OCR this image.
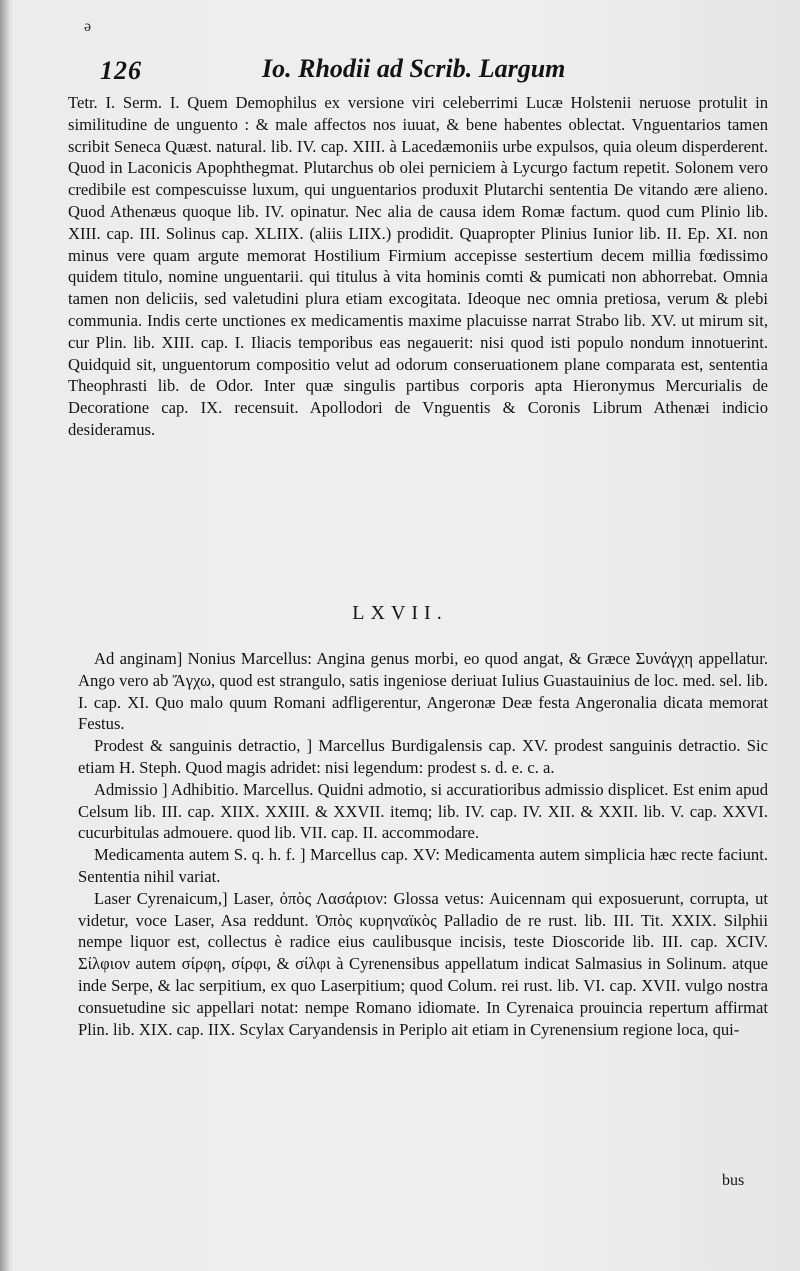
ǝ
126	Io. Rhodii ad Scrib. Largum

Tetr. I. Serm. I. Quem Demophilus ex versione viri celeberrimi Lucæ Holstenii neruose protulit in similitudine de unguento : & male affectos nos iuuat, & bene habentes oblectat. Vnguentarios tamen scribit Seneca Quæst. natural. lib. IV. cap. XIII. à Lacedæmoniis urbe expulsos, quia oleum disperderent. Quod in Laconicis Apophthegmat. Plutarchus ob olei perniciem à Lycurgo factum repetit. Solonem vero credibile est compescuisse luxum, qui unguentarios produxit Plutarchi sententia De vitando ære alieno. Quod Athenæus quoque lib. IV. opinatur. Nec alia de causa idem Romæ factum. quod cum Plinio lib. XIII. cap. III. Solinus cap. XLIIX. (aliis LIIX.) prodidit. Quapropter Plinius Iunior lib. II. Ep. XI. non minus vere quam argute memorat Hostilium Firmium accepisse sestertium decem millia fœdissimo quidem titulo, nomine unguentarii. qui titulus à vita hominis comti & pumicati non abhorrebat. Omnia tamen non deliciis, sed valetudini plura etiam excogitata. Ideoque nec omnia pretiosa, verum & plebi communia. Indis certe unctiones ex medicamentis maxime placuisse narrat Strabo lib. XV. ut mirum sit, cur Plin. lib. XIII. cap. I. Iliacis temporibus eas negauerit: nisi quod isti populo nondum innotuerint. Quidquid sit, unguentorum compositio velut ad odorum conseruationem plane comparata est, sententia Theophrasti lib. de Odor. Inter quæ singulis partibus corporis apta Hieronymus Mercurialis de Decoratione cap. IX. recensuit. Apollodori de Vnguentis & Coronis Librum Athenæi indicio desideramus.

LXVII.

Ad anginam] Nonius Marcellus: Angina genus morbi, eo quod angat, & Græce Συνάγχη appellatur. Ango vero ab Ἄγχω, quod est strangulo, satis ingeniose deriuat Iulius Guastauinius de loc. med. sel. lib. I. cap. XI. Quo malo quum Romani adfligerentur, Angeronæ Deæ festa Angeronalia dicata memorat Festus.

Prodest & sanguinis detractio, ] Marcellus Burdigalensis cap. XV. prodest sanguinis detractio. Sic etiam H. Steph. Quod magis adridet: nisi legendum: prodest s. d. e. c. a.

Admissio ] Adhibitio. Marcellus. Quidni admotio, si accuratioribus admissio displicet. Est enim apud Celsum lib. III. cap. XIIX. XXIII. & XXVII. itemq; lib. IV. cap. IV. XII. & XXII. lib. V. cap. XXVI. cucurbitulas admouere. quod lib. VII. cap. II. accommodare.

Medicamenta autem S. q. h. f. ] Marcellus cap. XV: Medicamenta autem simplicia hæc recte faciunt. Sententia nihil variat.

Laser Cyrenaicum,] Laser, ὀπὸς Λασάριον: Glossa vetus: Auicennam qui exposuerunt, corrupta, ut videtur, voce Laser, Asa reddunt. Ὀπὸς κυρηναϊκὸς Palladio de re rust. lib. III. Tit. XXIX. Silphii nempe liquor est, collectus è radice eius caulibusque incisis, teste Dioscoride lib. III. cap. XCIV. Σίλφιον autem σίρφη, σίρφι, & σίλφι à Cyrenensibus appellatum indicat Salmasius in Solinum. atque inde Serpe, & lac serpitium, ex quo Laserpitium; quod Colum. rei rust. lib. VI. cap. XVII. vulgo nostra consuetudine sic appellari notat: nempe Romano idiomate. In Cyrenaica prouincia repertum affirmat Plin. lib. XIX. cap. IIX. Scylax Caryandensis in Periplo ait etiam in Cyrenensium regione loca, qui-

bus
